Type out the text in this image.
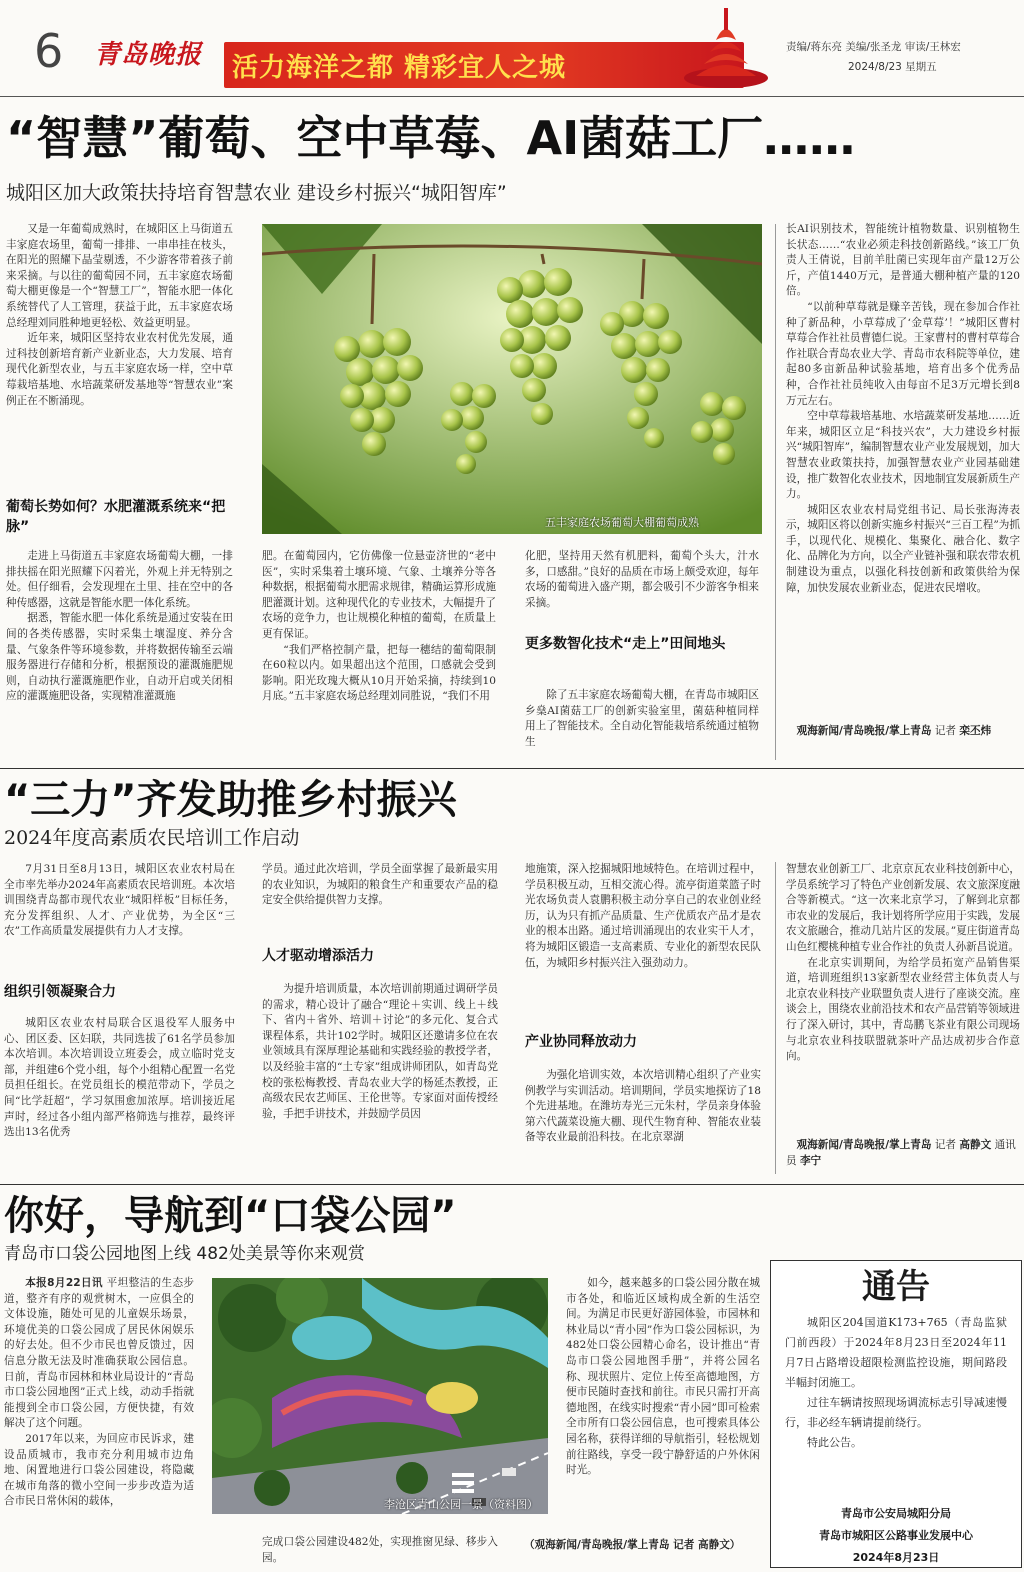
6 青岛晚报 活力海洋之都 精彩宜人之城
责编/蒋东亮 美编/张圣龙 审读/王林宏
2024/8/23 星期五
“智慧”葡萄、空中草莓、AI菌菇工厂……
城阳区加大政策扶持培育智慧农业 建设乡村振兴“城阳智库”

又是一年葡萄成熟时，在城阳区上马街道五丰家庭农场里，葡萄一排排、一串串挂在枝头，在阳光的照耀下晶莹剔透，不少游客带着孩子前来采摘。与以往的葡萄园不同，五丰家庭农场葡萄大棚更像是一个“智慧工厂”，智能水肥一体化系统替代了人工管理，获益于此，五丰家庭农场总经理刘同胜种地更轻松、效益更明显。

近年来，城阳区坚持农业农村优先发展，通过科技创新培育新产业新业态，大力发展、培育现代化新型农业，与五丰家庭农场一样，空中草莓栽培基地、水培蔬菜研发基地等“智慧农业”案例正在不断涌现。

葡萄长势如何？水肥灌溉系统来“把脉”	五丰家庭农场葡萄大棚葡萄成熟

走进上马街道五丰家庭农场葡萄大棚，一排排扶摇在阳光照耀下闪着光，外观上并无特别之处。但仔细看，会发现埋在土里、挂在空中的各种传感器，这就是智能水肥一体化系统。

据悉，智能水肥一体化系统是通过安装在田间的各类传感器，实时采集土壤湿度、养分含量、气象条件等环境参数，并将数据传输至云端服务器进行存储和分析，根据预设的灌溉施肥规则，自动执行灌溉施肥作业，自动开启或关闭相应的灌溉施肥设备，实现精准灌溉施

肥。在葡萄园内，它仿佛像一位悬壶济世的“老中医”，实时采集着土壤环境、气象、土壤养分等各种数据，根据葡萄水肥需求规律，精确运算形成施肥灌溉计划。这种现代化的专业技术，大幅提升了农场的竞争力，也让规模化种植的葡萄，在质量上更有保证。

“我们严格控制产量，把每一穗结的葡萄限制在60粒以内。如果超出这个范围，口感就会受到影响。阳光玫瑰大概从10月开始采摘，持续到10月底。”五丰家庭农场总经理刘同胜说，“我们不用

化肥，坚持用天然有机肥料，葡萄个头大，汁水多，口感甜。”良好的品质在市场上颇受欢迎，每年农场的葡萄进入盛产期，都会吸引不少游客争相来采摘。

更多数智化技术“走上”田间地头

除了五丰家庭农场葡萄大棚，在青岛市城阳区乡燊AI菌菇工厂的创新实验室里，菌菇种植同样用上了智能技术。全自动化智能栽培系统通过植物生

长AI识别技术，智能统计植物数量、识别植物生长状态……“农业必须走科技创新路线。”该工厂负责人王倩说，目前羊肚菌已实现年亩产量12万公斤，产值1440万元，是普通大棚种植产量的120倍。

“以前种草莓就是赚辛苦钱，现在参加合作社种了新品种，小草莓成了‘金草莓’！”城阳区曹村草莓合作社社员曹德仁说。王家曹村的曹村草莓合作社联合青岛农业大学、青岛市农科院等单位，建起80多亩新品种试验基地，培育出多个优秀品种，合作社社员纯收入由每亩不足3万元增长到8万元左右。

空中草莓栽培基地、水培蔬菜研发基地……近年来，城阳区立足“科技兴农”，大力建设乡村振兴“城阳智库”，编制智慧农业产业发展规划，加大智慧农业政策扶持，加强智慧农业产业园基础建设，推广数智化农业技术，因地制宜发展新质生产力。

城阳区农业农村局党组书记、局长张海涛表示，城阳区将以创新实施乡村振兴“三百工程”为抓手，以现代化、规模化、集聚化、融合化、数字化、品牌化为方向，以全产业链补强和联农带农机制建设为重点，以强化科技创新和政策供给为保障，加快发展农业新业态，促进农民增收。

 观海新闻/青岛晚报/掌上青岛 记者 栾丕炜
“三力”齐发助推乡村振兴
2024年度高素质农民培训工作启动

7月31日至8月13日，城阳区农业农村局在全市率先举办2024年高素质农民培训班。本次培训围绕青岛都市现代农业“城阳样板”目标任务，充分发挥组织、人才、产业优势，为全区“三农”工作高质量发展提供有力人才支撑。

组织引领凝聚合力

城阳区农业农村局联合区退役军人服务中心、团区委、区妇联，共同选拔了61名学员参加本次培训。本次培训设立班委会，成立临时党支部，并组建6个党小组，每个小组精心配置一名党员担任组长。在党员组长的模范带动下，学员之间“比学赶超”，学习氛围愈加浓厚。培训接近尾声时，经过各小组内部严格筛选与推荐，最终评选出13名优秀

学员。通过此次培训，学员全面掌握了最新最实用的农业知识，为城阳的粮食生产和重要农产品的稳定安全供给提供智力支撑。

人才驱动增添活力

为提升培训质量，本次培训前期通过调研学员的需求，精心设计了融合“理论＋实训、线上＋线下、省内＋省外、培训＋讨论”的多元化、复合式课程体系，共计102学时。城阳区还邀请多位在农业领域具有深厚理论基础和实践经验的教授学者，以及经验丰富的“土专家”组成讲师团队，如青岛党校的张松梅教授、青岛农业大学的杨延杰教授，正高级农民农艺师匡、王伦世等。专家面对面传授经验，手把手讲技术，并鼓励学员因

地施策，深入挖掘城阳地域特色。在培训过程中，学员积极互动，互相交流心得。流亭街道菜篮子时光农场负责人袁鹏积极主动分享自己的农业创业经历，认为只有抓产品质量、生产优质农产品才是农业的根本出路。通过培训涌现出的农业实干人才，将为城阳区锻造一支高素质、专业化的新型农民队伍，为城阳乡村振兴注入强劲动力。

产业协同释放动力

为强化培训实效，本次培训精心组织了产业实例教学与实训活动。培训期间，学员实地探访了18个先进基地。在潍坊寿光三元朱村，学员亲身体验第六代蔬菜设施大棚、现代生物育种、智能农业装备等农业最前沿科技。在北京翠湖

智慧农业创新工厂、北京京瓦农业科技创新中心，学员系统学习了特色产业创新发展、农文旅深度融合等新模式。“这一次来北京学习，了解到北京都市农业的发展后，我计划将所学应用于实践，发展农文旅融合，推动几站片区的发展。”夏庄街道青岛山色红樱桃种植专业合作社的负责人孙新昌说道。

在北京实训期间，为给学员拓宽产品销售渠道，培训班组织13家新型农业经营主体负责人与北京农业科技产业联盟负责人进行了座谈交流。座谈会上，围绕农业前沿技术和农产品营销等领域进行了深入研讨，其中，青岛鹏飞茶业有限公司现场与北京农业科技联盟就茶叶产品达成初步合作意向。

 观海新闻/青岛晚报/掌上青岛 记者 高静文 通讯员 李宁
你好，导航到“口袋公园”
青岛市口袋公园地图上线 482处美景等你来观赏

本报8月22日讯 平坦整洁的生态步道，整齐有序的观赏树木，一应俱全的文体设施，随处可见的儿童娱乐场景，环境优美的口袋公园成了居民休闲娱乐的好去处。但不少市民也曾反馈过，因信息分散无法及时准确获取公园信息。日前，青岛市园林和林业局设计的“青岛市口袋公园地图”正式上线，动动手指就能搜到全市口袋公园，方便快捷，有效解决了这个问题。

2017年以来，为回应市民诉求，建设品质城市，我市充分利用城市边角地、闲置地进行口袋公园建设，将隐藏在城市角落的微小空间一步步改造为适合市民日常休闲的载体，	李沧区青山公园一景（资料图）

完成口袋公园建设482处，实现推窗见绿、移步入园。

如今，越来越多的口袋公园分散在城市各处，和临近区域构成全新的生活空间。为满足市民更好游园体验，市园林和林业局以“青小园”作为口袋公园标识，为482处口袋公园精心命名，设计推出“青岛市口袋公园地图手册”，并将公园名称、现状照片、定位上传至高德地图，方便市民随时查找和前往。市民只需打开高德地图，在线实时搜索“青小园”即可检索全市所有口袋公园信息，也可搜索具体公园名称，获得详细的导航指引，轻松规划前往路线，享受一段宁静舒适的户外休闲时光。

（观海新闻/青岛晚报/掌上青岛 记者 高静文）
通告

城阳区204国道K173+765（青岛监狱门前西段）于2024年8月23日至2024年11月7日占路增设超限检测监控设施，期间路段半幅封闭施工。

过往车辆请按照现场调流标志引导减速慢行，非必经车辆请提前绕行。

特此公告。

青岛市公安局城阳分局
青岛市城阳区公路事业发展中心
2024年8月23日
